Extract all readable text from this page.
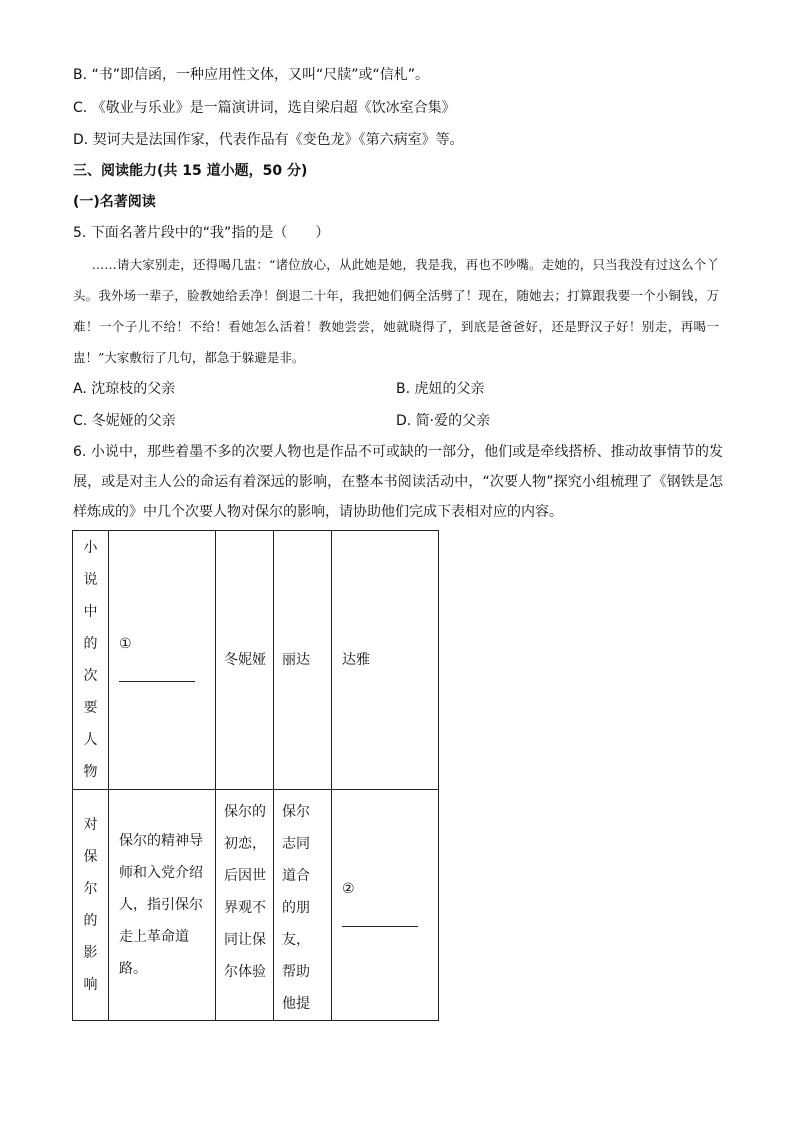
B. “书”即信函，一种应用性文体，又叫“尺牍”或“信札”。
C. 《敬业与乐业》是一篇演讲词，选自梁启超《饮冰室合集》
D. 契诃夫是法国作家，代表作品有《变色龙》《第六病室》等。
三、阅读能力(共 15 道小题，50 分)
(一)名著阅读
5. 下面名著片段中的“我”指的是（　　）
……请大家别走，还得喝几盅：“诸位放心，从此她是她，我是我，再也不吵嘴。走她的，只当我没有过这么个丫头。我外场一辈子，脸教她给丢净！倒退二十年，我把她们俩全活劈了！现在，随她去；打算跟我要一个小铜钱，万难！一个子儿不给！不给！看她怎么活着！教她尝尝，她就晓得了，到底是爸爸好，还是野汉子好！别走，再喝一盅！”大家敷衍了几句，都急于躲避是非。
A. 沈琼枝的父亲	B. 虎妞的父亲
C. 冬妮娅的父亲	D. 简·爱的父亲
6. 小说中，那些着墨不多的次要人物也是作品不可或缺的一部分，他们或是牵线搭桥、推动故事情节的发展，或是对主人公的命运有着深远的影响，在整本书阅读活动中，“次要人物”探究小组梳理了《钢铁是怎样炼成的》中几个次要人物对保尔的影响，请协助他们完成下表相对应的内容。
小说中的次要人物	①	冬妮娅	丽达	达雅

对保尔的影响	保尔的精神导师和入党介绍人，指引保尔走上革命道路。	保尔的初恋，后因世界观不同让保尔体验	保尔志同道合的朋友，帮助他提	②
